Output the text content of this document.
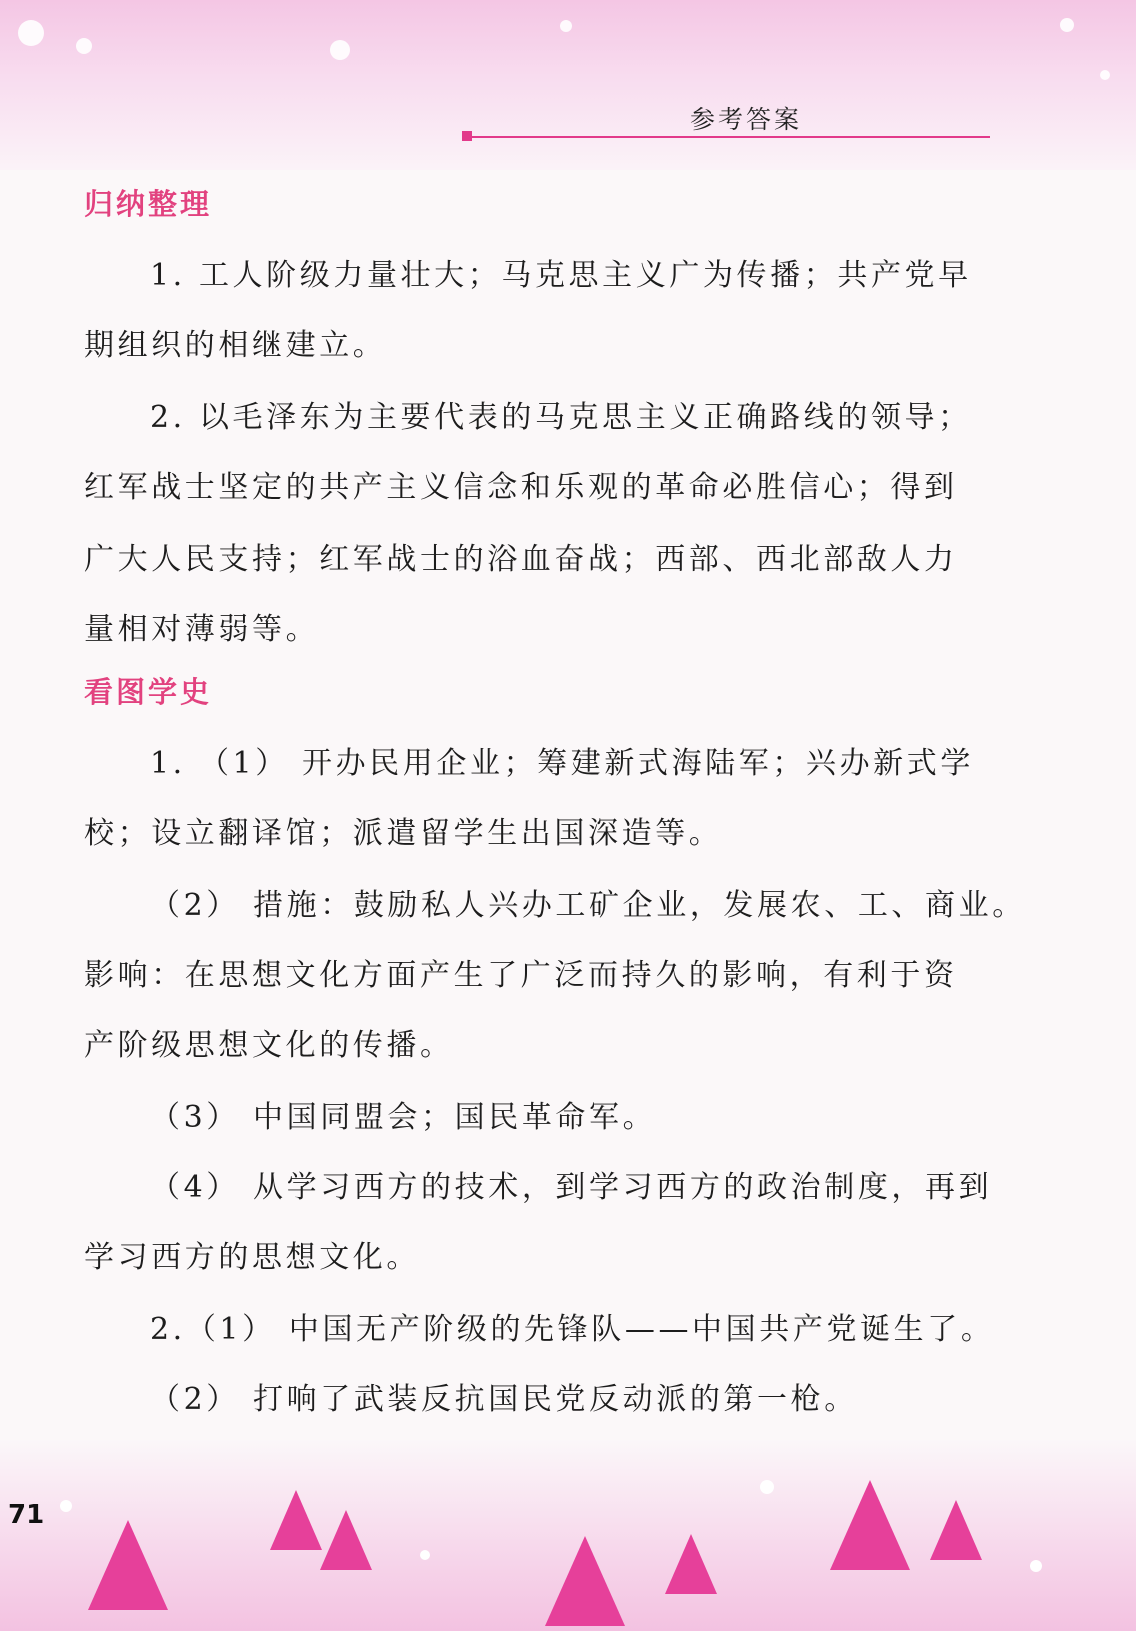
参考答案
归纳整理
1. 工人阶级力量壮大；马克思主义广为传播；共产党早
期组织的相继建立。
2. 以毛泽东为主要代表的马克思主义正确路线的领导；
红军战士坚定的共产主义信念和乐观的革命必胜信心；得到
广大人民支持；红军战士的浴血奋战；西部、西北部敌人力
量相对薄弱等。
看图学史
1. （1） 开办民用企业；筹建新式海陆军；兴办新式学
校；设立翻译馆；派遣留学生出国深造等。
（2） 措施：鼓励私人兴办工矿企业，发展农、工、商业。
影响：在思想文化方面产生了广泛而持久的影响，有利于资
产阶级思想文化的传播。
（3） 中国同盟会；国民革命军。
（4） 从学习西方的技术，到学习西方的政治制度，再到
学习西方的思想文化。
2.（1） 中国无产阶级的先锋队——中国共产党诞生了。
（2） 打响了武装反抗国民党反动派的第一枪。
71
